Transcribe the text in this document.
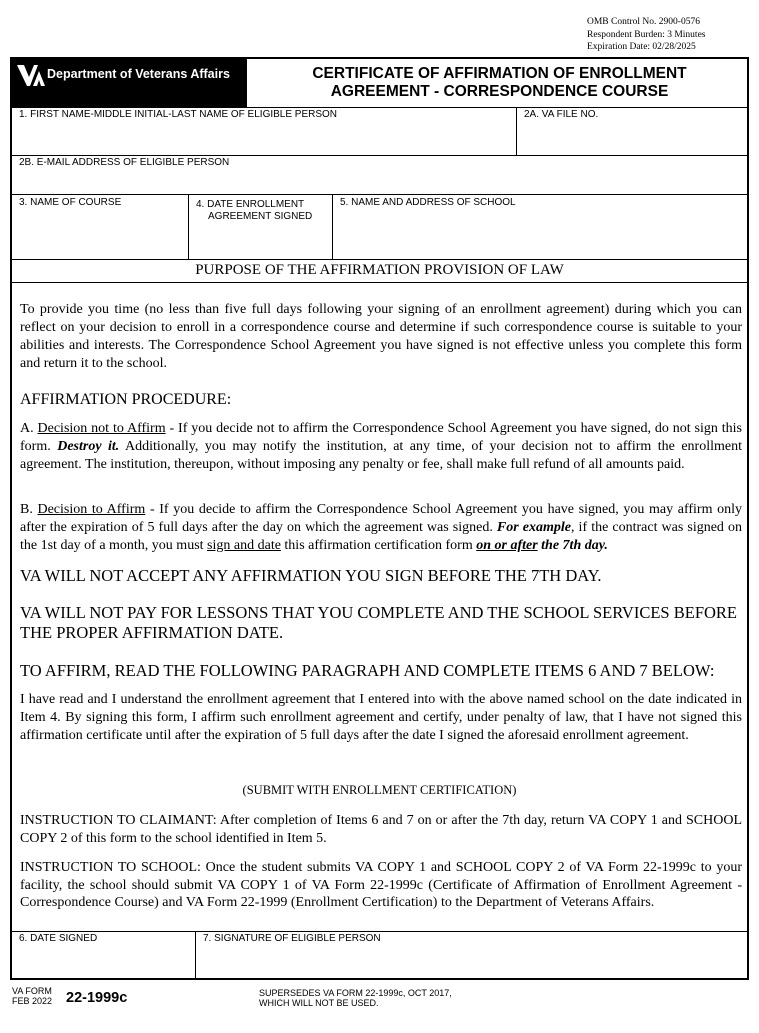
OMB Control No. 2900-0576
Respondent Burden: 3 Minutes
Expiration Date: 02/28/2025
Department of Veterans Affairs	CERTIFICATE OF AFFIRMATION OF ENROLLMENT
AGREEMENT - CORRESPONDENCE COURSE
1. FIRST NAME-MIDDLE INITIAL-LAST NAME OF ELIGIBLE PERSON	2A. VA FILE NO.
2B. E-MAIL ADDRESS OF ELIGIBLE PERSON
3. NAME OF COURSE	4. DATE ENROLLMENT
AGREEMENT SIGNED
5. NAME AND ADDRESS OF SCHOOL
PURPOSE OF THE AFFIRMATION PROVISION OF LAW
To provide you time (no less than five full days following your signing of an enrollment agreement) during which you can reflect on your decision to enroll in a correspondence course and determine if such correspondence course is suitable to your abilities and interests. The Correspondence School Agreement you have signed is not effective unless you complete this form and return it to the school.
AFFIRMATION PROCEDURE:
A. Decision not to Affirm - If you decide not to affirm the Correspondence School Agreement you have signed, do not sign this form. Destroy it. Additionally, you may notify the institution, at any time, of your decision not to affirm the enrollment agreement. The institution, thereupon, without imposing any penalty or fee, shall make full refund of all amounts paid.
B. Decision to Affirm - If you decide to affirm the Correspondence School Agreement you have signed, you may affirm only after the expiration of 5 full days after the day on which the agreement was signed. For example, if the contract was signed on the 1st day of a month, you must sign and date this affirmation certification form on or after the 7th day.
VA WILL NOT ACCEPT ANY AFFIRMATION YOU SIGN BEFORE THE 7TH DAY.
VA WILL NOT PAY FOR LESSONS THAT YOU COMPLETE AND THE SCHOOL SERVICES BEFORE THE PROPER AFFIRMATION DATE.
TO AFFIRM, READ THE FOLLOWING PARAGRAPH AND COMPLETE ITEMS 6 AND 7 BELOW:
I have read and I understand the enrollment agreement that I entered into with the above named school on the date indicated in Item 4. By signing this form, I affirm such enrollment agreement and certify, under penalty of law, that I have not signed this affirmation certificate until after the expiration of 5 full days after the date I signed the aforesaid enrollment agreement.
(SUBMIT WITH ENROLLMENT CERTIFICATION)
INSTRUCTION TO CLAIMANT: After completion of Items 6 and 7 on or after the 7th day, return VA COPY 1 and SCHOOL COPY 2 of this form to the school identified in Item 5.
INSTRUCTION TO SCHOOL: Once the student submits VA COPY 1 and SCHOOL COPY 2 of VA Form 22-1999c to your facility, the school should submit VA COPY 1 of VA Form 22-1999c (Certificate of Affirmation of Enrollment Agreement - Correspondence Course) and VA Form 22-1999 (Enrollment Certification) to the Department of Veterans Affairs.
6. DATE SIGNED	7. SIGNATURE OF ELIGIBLE PERSON
VA FORM
FEB 2022 22-1999c	SUPERSEDES VA FORM 22-1999c, OCT 2017,
WHICH WILL NOT BE USED.
